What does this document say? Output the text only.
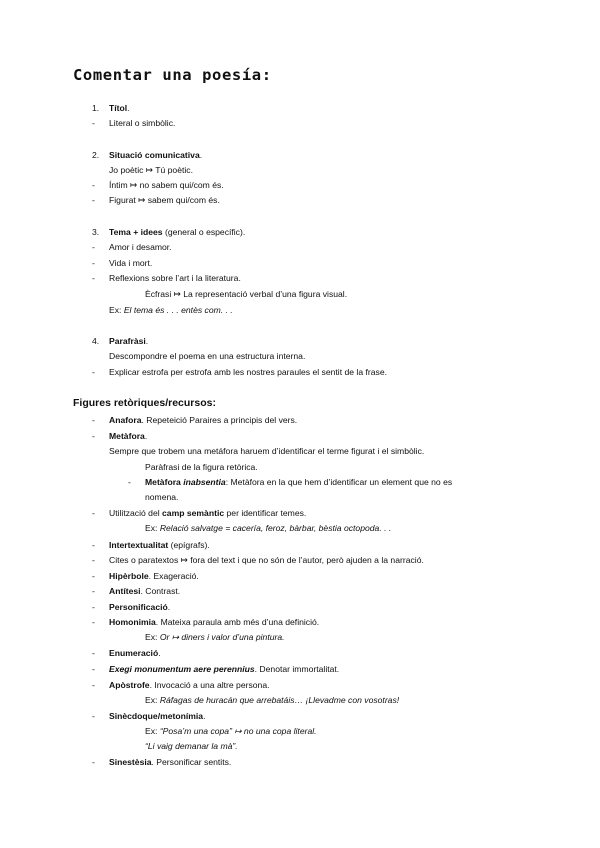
Comentar una poesía:
1. Títol.
- Literal o simbòlic.
2. Situació comunicativa.
Jo poètic ↦ Tú poètic.
- Íntim ↦ no sabem qui/com és.
- Figurat ↦ sabem qui/com és.
3. Tema + idees (general o específic).
- Amor i desamor.
- Vida i mort.
- Reflexions sobre l’art i la literatura.
Ècfrasi ↦ La representació verbal d’una figura visual.
Ex: El tema és . . . entès com. . .
4. Parafràsi.
Descompondre el poema en una estructura interna.
- Explicar estrofa per estrofa amb les nostres paraules el sentit de la frase.
Figures retòriques/recursos:
- Anafora. Repeteició Paraires a principis del vers.
- Metàfora.
Sempre que trobem una metáfora haruem d’identificar el terme figurat i el simbòlic.
Paràfrasi de la figura retòrica.
- Metàfora inabsentia: Metàfora en la que hem d’identificar un element que no es
nomena.
- Utilització del camp semàntic per identificar temes.
Ex: Relació salvatge = cacería, feroz, bàrbar, bèstia octopoda. . .
- Intertextualitat (epígrafs).
- Cites o paratextos ↦ fora del text i que no són de l’autor, però ajuden a la narració.
- Hipèrbole. Exageració.
- Antítesi. Contrast.
- Personificació.
- Homonimia. Mateixa paraula amb més d’una definició.
Ex: Or ↦ diners i valor d’una pintura.
- Enumeració.
- Exegi monumentum aere perennius. Denotar immortalitat.
- Apòstrofe. Invocació a una altre persona.
Ex: Ráfagas de huracán que arrebatáis… ¡Llevadme con vosotras!
- Sinècdoque/metonímia.
Ex: “Posa’m una copa” ↦ no una copa literal.
“Li vaig demanar la mà”.
- Sinestèsia. Personificar sentits.
